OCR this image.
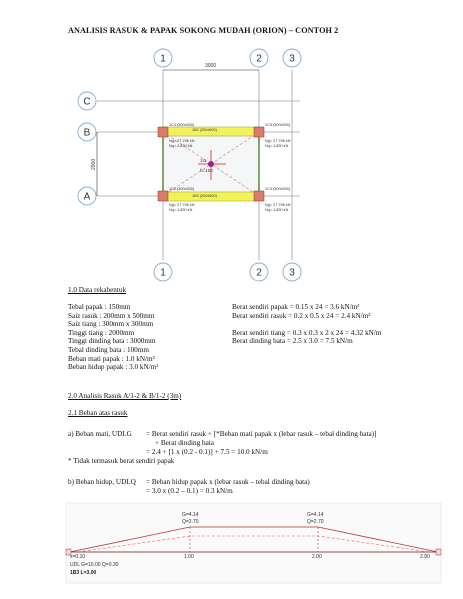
ANALISIS RASUK & PAPAK SOKONG MUDAH (ORION) – CONTOH 2
3000
2000
1B2 (200x500)
1B3 (200x500)
1C4 (300x300)
Ng= 27.796 kN
Nq= 4.830 kN
1C5 (300x300)
Ng= 27.796 kN
Nq= 4.830 kN
1C2 (300x300)
Ng= 27.796 kN
Nq= 4.830 kN
1C3 (300x300)
Ng= 27.796 kN
Nq= 4.830 kN
1I1
h=150
1	2	3
1	2	3
C
B
A
1.0 Data rekabentuk
Tebal papak : 150mm
Saiz rasuk : 200mm x 500mm
Saiz tiang : 300mm x 300mm
Tinggi tiang : 2000mm
Tinggi dinding bata : 3000mm
Tebal dinding bata : 100mm
Beban mati papak : 1.0 kN/m²
Beban hidup papak : 3.0 kN/m²
Berat sendiri papak = 0.15 x 24 = 3.6 kN/m²
Berat sendiri rasuk = 0.2 x 0.5 x 24 = 2.4 kN/m²
Berat sendiri tiang = 0.3 x 0.3 x 2 x 24 = 4.32 kN/m
Berat dinding bata = 2.5 x 3.0 = 7.5 kN/m
2.0 Analisis Rasuk A/1-2 & B/1-2 (3m)
2.1 Beban atas rasuk
a) Beban mati, UDLG = Berat sendiri rasuk + [*Beban mati papak x (lebar rasuk – tebal dinding bata)]
+ Berat dinding bata
= 2.4 + [1 x (0.2 - 0.1)] + 7.5 = 10.0 kN/m
* Tidak termasuk berat sendiri papak
b) Beban hidup, UDLQ = Beban hidup papak x (lebar rasuk – tebal dinding bata)
= 3.0 x (0.2 – 0.1) = 0.3 kN/m
G=4.14
Q=2.70
G=4.14
Q=2.70
x=0.10	1.00	2.00	2.90
UDL G=10.00 Q=0.30
1B3 L=3.00
